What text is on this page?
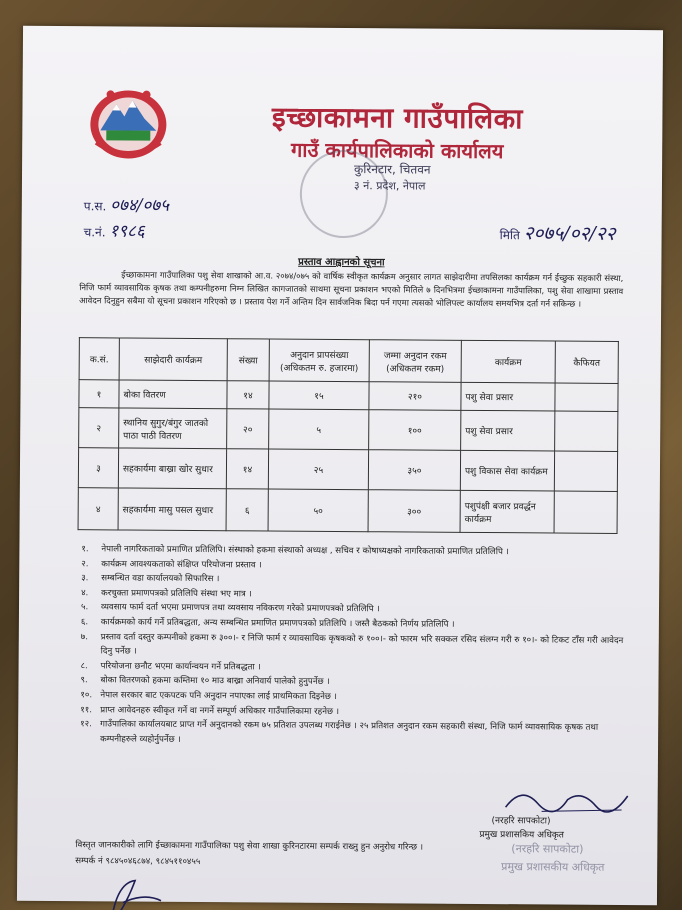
इच्छाकामना गाउँपालिका
गाउँ कार्यपालिकाको कार्यालय
कुरिनटार, चितवन
३ नं. प्रदेश, नेपाल
प.स. ०७४/०७५
च.नं. १९८६	मिति २०७५/०२/२२
प्रस्ताव आह्वानको सूचना

ईच्छाकामना गाउँपालिका पशु सेवा शाखाको आ.व. २०७४/०७५ को वार्षिक स्वीकृत कार्यक्रम अनुसार लागत साझेदारीमा तपसिलका कार्यक्रम गर्न ईच्छुक सहकारी संस्था, निजि फार्म व्यावसायिक कृषक तथा कम्पनीहरुमा निम्न लिखित कागजातको साथमा सूचना प्रकाशन भएको मितिले ७ दिनभित्रमा ईच्छाकामना गाउँपालिका, पशु सेवा शाखामा प्रस्ताव आवेदन दिनुहुन सबैमा यो सूचना प्रकाशन गरिएको छ । प्रस्ताव पेश गर्ने अन्तिम दिन सार्वजनिक बिदा पर्न गएमा त्यसको भोलिपल्ट कार्यालय समयभित्र दर्ता गर्न सकिन्छ ।

क.सं.	साझेदारी कार्यक्रम	संख्या	अनुदान प्रापसंख्या (अधिकतम रु. हजारमा)	जम्मा अनुदान रकम (अधिकतम रकम)	कार्यक्रम	कैफियत
१	बोका वितरण	१४	१५	२१०	पशु सेवा प्रसार	
२	स्थानिय सुगुर/बंगुर जातको पाठा पाठी वितरण	२०	५	१००	पशु सेवा प्रसार	
३	सहकार्यमा बाख्रा खोर सुधार	१४	२५	३५०	पशु विकास सेवा कार्यक्रम	
४	सहकार्यमा मासु पसल सुधार	६	५०	३००	पशुपंक्षी बजार प्रवर्द्धन कार्यक्रम	
१.	नेपाली नागरिकताको प्रमाणित प्रतिलिपि। संस्थाको हकमा संस्थाको अध्यक्ष , सचिव र कोषाध्यक्षको नागरिकताको प्रमाणित प्रतिलिपि ।
२.	कार्यक्रम आवश्यकताको संक्षिप्त परियोजना प्रस्ताव ।
३.	सम्बन्धित वडा कार्यालयको सिफारिस ।
४.	करचुक्ता प्रमाणपत्रको प्रतिलिपि संस्था भए मात्र ।
५.	व्यवसाय फार्म दर्ता भएमा प्रमाणपत्र तथा व्यवसाय नविकरण गरेको प्रमाणपत्रको प्रतिलिपि ।
६.	कार्यक्रमको कार्य गर्ने प्रतिबद्धता, अन्य सम्बन्धित प्रमाणित प्रमाणपत्रको प्रतिलिपि । जस्तै बैठकको निर्णय प्रतिलिपि ।
७.	प्रस्ताव दर्ता दस्तुर कम्पनीको हकमा रु ३००।- र निजि फार्म र व्यावसायिक कृषकको रु १००।- को फारम भरि सक्कल रसिद संलग्न गरी रु १०।- को टिकट टाँस गरी आवेदन दिनु पर्नेछ ।
८.	परियोजना छनौट भएमा कार्यान्वयन गर्ने प्रतिबद्धता ।
९.	बोका वितरणको हकमा कम्तिमा १० माउ बाख्रा अनिवार्य पालेको हुनुपर्नेछ ।
१०. नेपाल सरकार बाट एकपटक पनि अनुदान नपाएका लाई प्राथमिकता दिइनेछ ।
११. प्राप्त आवेदनहरु स्वीकृत गर्ने वा नगर्ने सम्पूर्ण अधिकार गाउँपालिकामा रहनेछ ।
१२. गाउँपालिका कार्यालयबाट प्राप्त गर्ने अनुदानको रकम ७५ प्रतिशत उपलब्ध गराईनेछ । २५ प्रतिशत अनुदान रकम सहकारी संस्था, निजि फार्म व्यावसायिक कृषक तथा कम्पनीहरुले व्यहोर्नुपर्नेछ ।
(नरहरि सापकोटा)
प्रमुख प्रशासकिय अधिकृत
(नरहरि सापकोटा)
प्रमुख प्रशासकीय अधिकृत
विस्तृत जानकारीको लागि ईच्छाकामना गाउँपालिका पशु सेवा शाखा कुरिनटारमा सम्पर्क राख्नु हुन अनुरोध गरिन्छ ।
सम्पर्क नं ९८४५०४६८७४, ९८४५११०४५५
